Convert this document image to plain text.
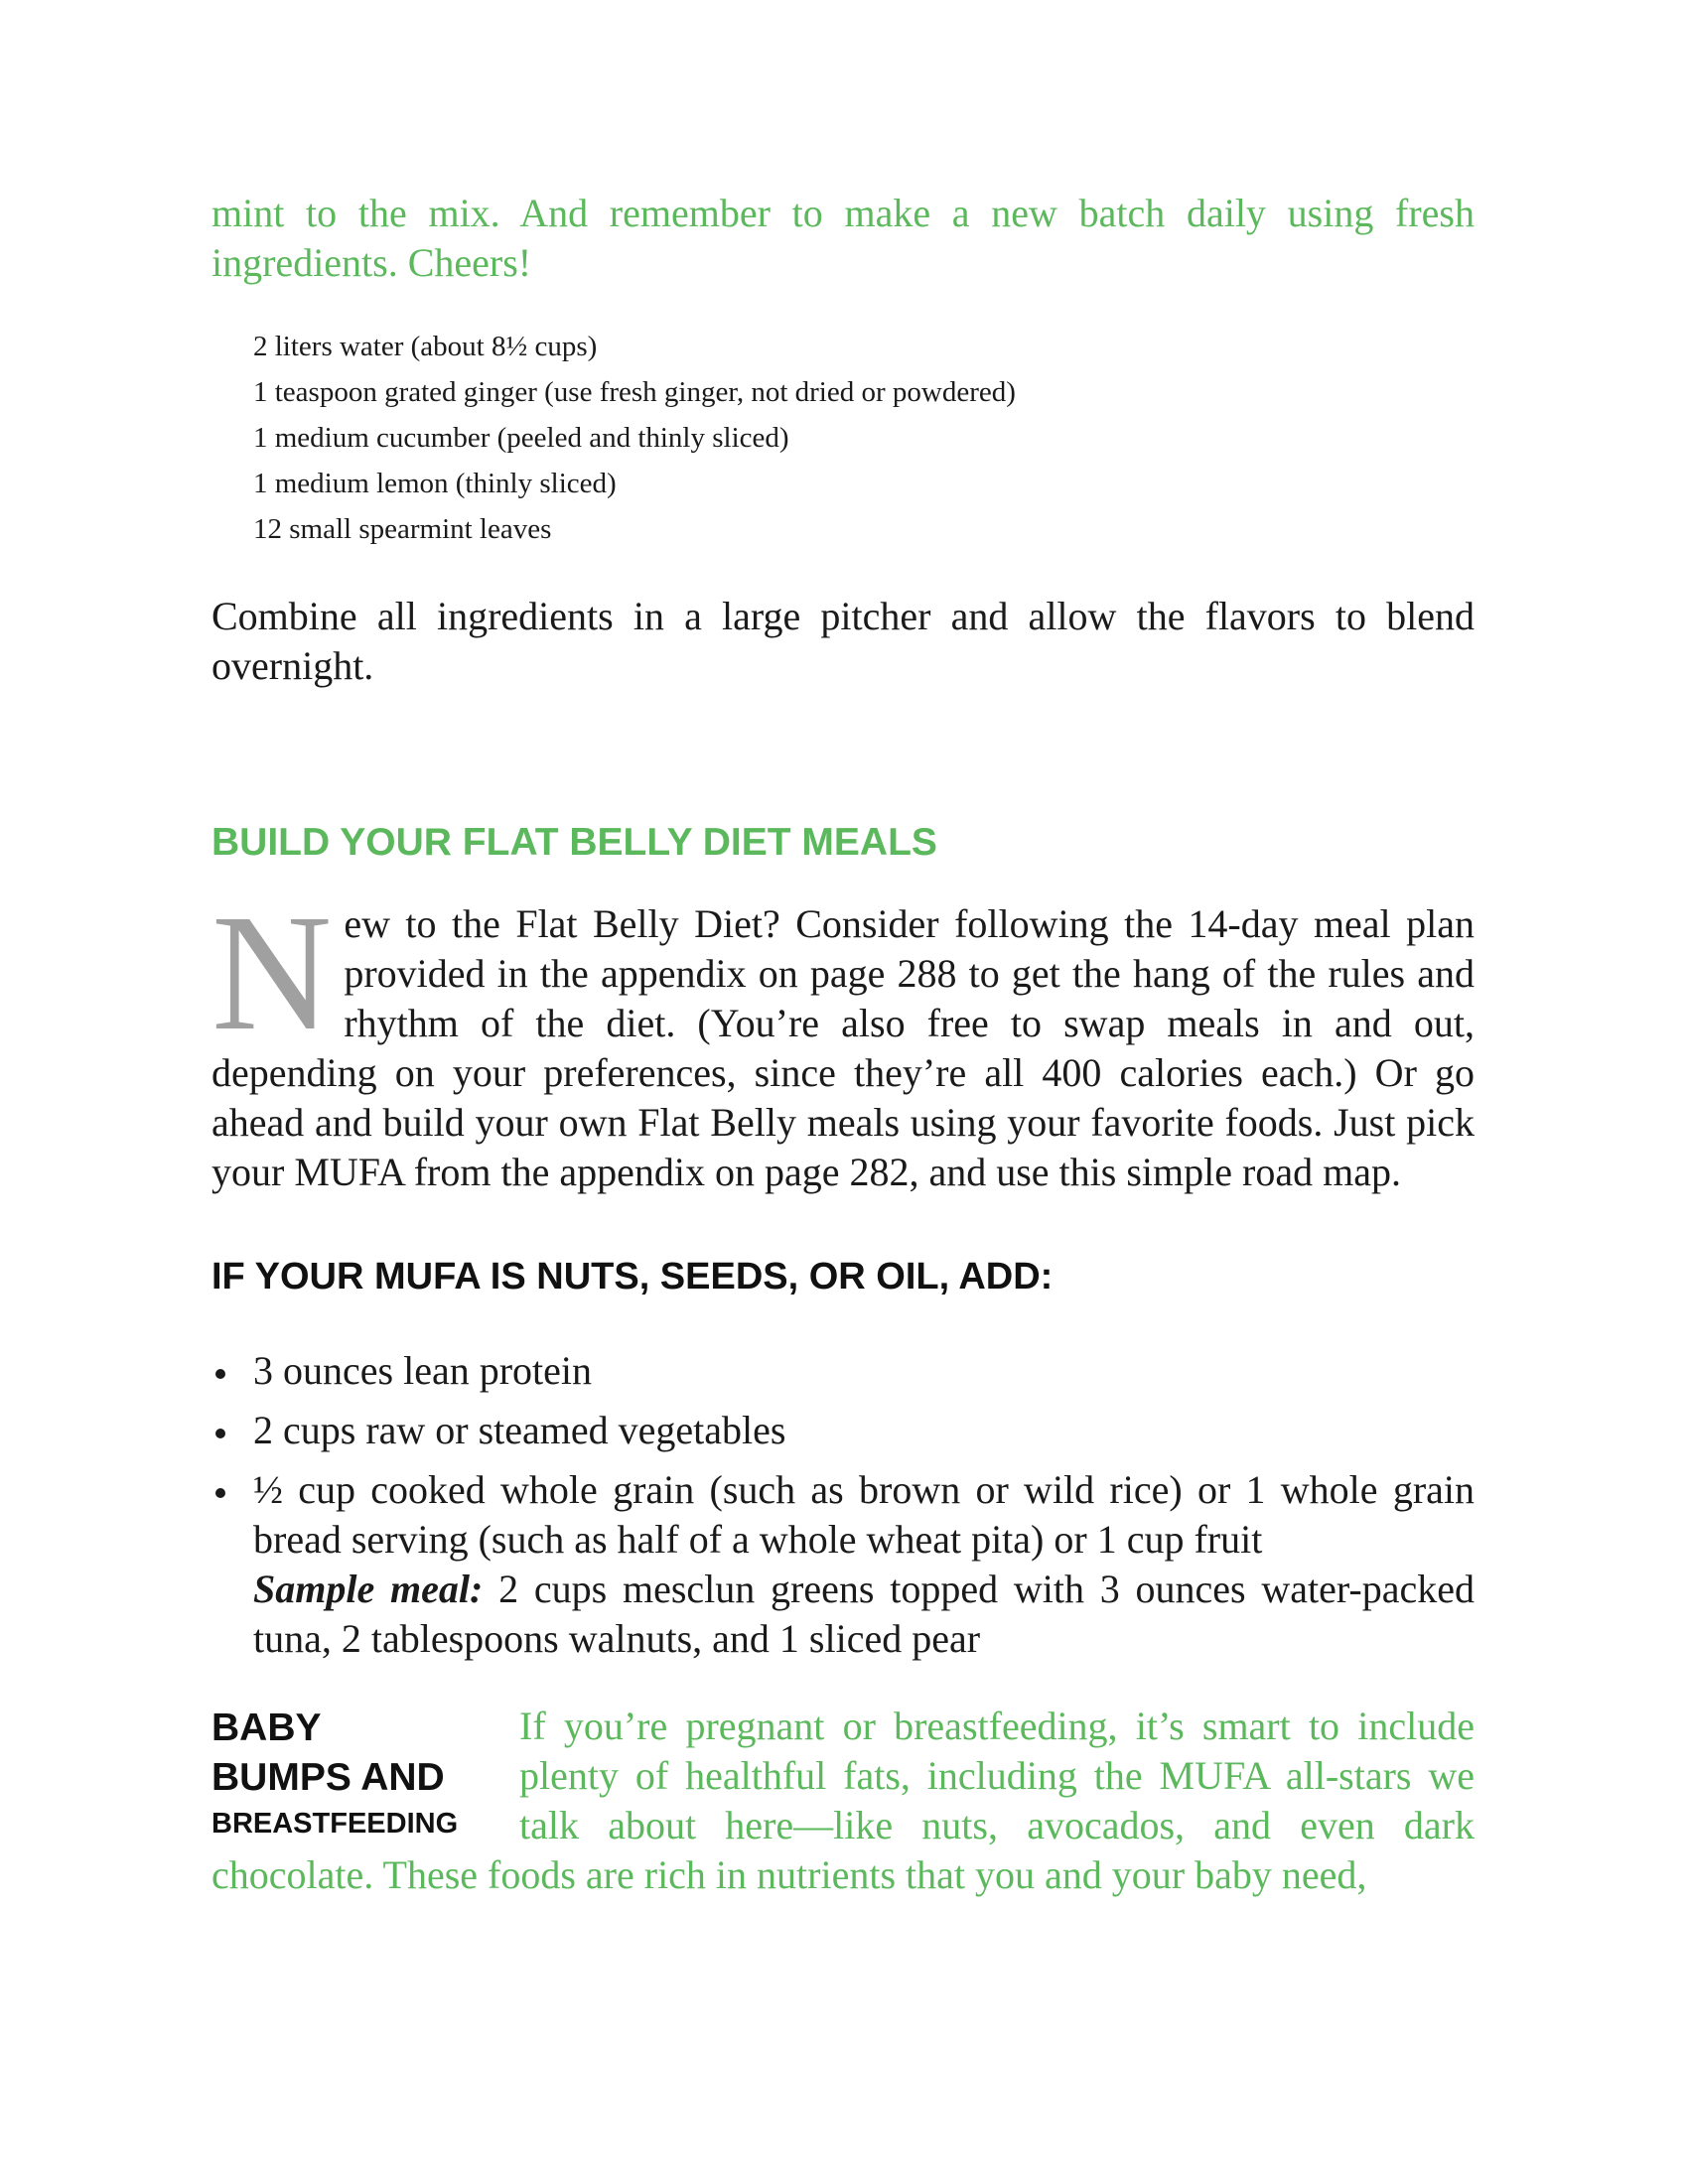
mint to the mix. And remember to make a new batch daily using fresh ingredients. Cheers!

2 liters water (about 8½ cups)
1 teaspoon grated ginger (use fresh ginger, not dried or powdered)
1 medium cucumber (peeled and thinly sliced)
1 medium lemon (thinly sliced)
12 small spearmint leaves

Combine all ingredients in a large pitcher and allow the flavors to blend overnight.

BUILD YOUR FLAT BELLY DIET MEALS

New to the Flat Belly Diet? Consider following the 14-day meal plan provided in the appendix on page 288 to get the hang of the rules and rhythm of the diet. (You’re also free to swap meals in and out, depending on your preferences, since they’re all 400 calories each.) Or go ahead and build your own Flat Belly meals using your favorite foods. Just pick your MUFA from the appendix on page 282, and use this simple road map.

IF YOUR MUFA IS NUTS, SEEDS, OR OIL, ADD:
3 ounces lean protein
2 cups raw or steamed vegetables
½ cup cooked whole grain (such as brown or wild rice) or 1 whole grain bread serving (such as half of a whole wheat pita) or 1 cup fruit
Sample meal: 2 cups mesclun greens topped with 3 ounces water-packed tuna, 2 tablespoons walnuts, and 1 sliced pear
BABY
BUMPS AND
BREASTFEEDING
If you’re pregnant or breastfeeding, it’s smart to include plenty of healthful fats, including the MUFA all-stars we talk about here—like nuts, avocados, and even dark chocolate. These foods are rich in nutrients that you and your baby need,
